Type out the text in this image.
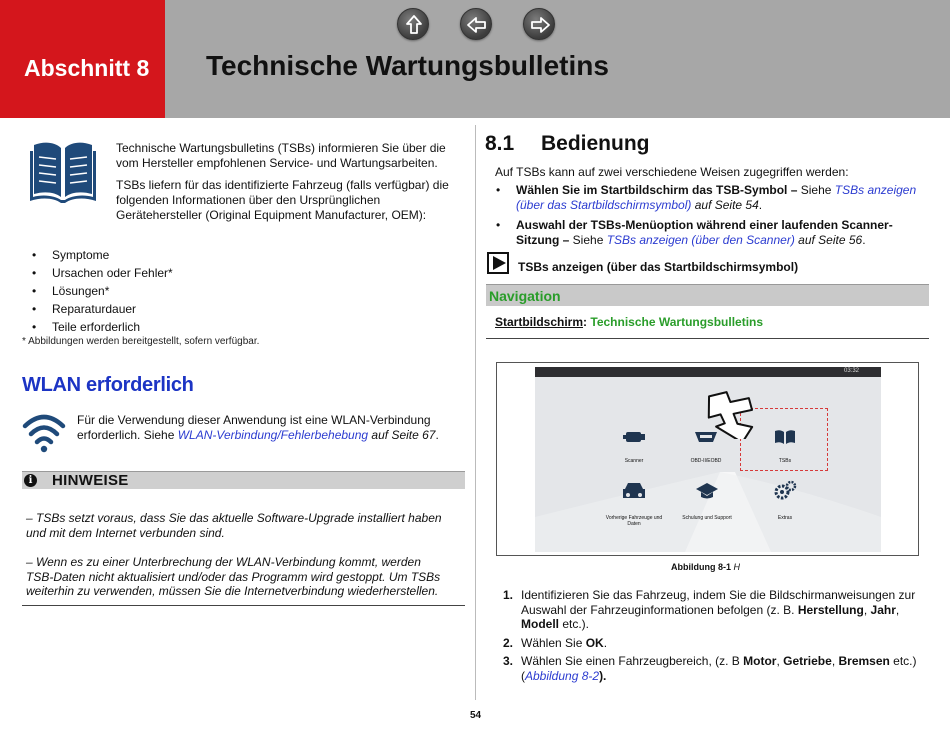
Abschnitt 8 Technische Wartungsbulletins

Technische Wartungsbulletins (TSBs) informieren Sie über die vom Hersteller empfohlenen Service- und Wartungsarbeiten.

TSBs liefern für das identifizierte Fahrzeug (falls verfügbar) die folgenden Informationen über den Ursprünglichen Gerätehersteller (Original Equipment Manufacturer, OEM):

• Symptome
• Ursachen oder Fehler*
• Lösungen*
• Reparaturdauer
• Teile erforderlich
* Abbildungen werden bereitgestellt, sofern verfügbar.
WLAN erforderlich
Für die Verwendung dieser Anwendung ist eine WLAN-Verbindung erforderlich. Siehe WLAN-Verbindung/Fehlerbehebung auf Seite 67.
i	HINWEISE

– TSBs setzt voraus, dass Sie das aktuelle Software-Upgrade installiert haben und mit dem Internet verbunden sind.

– Wenn es zu einer Unterbrechung der WLAN-Verbindung kommt, werden TSB-Daten nicht aktualisiert und/oder das Programm wird gestoppt. Um TSBs weiterhin zu verwenden, müssen Sie die Internetverbindung wiederherstellen.

8.1 Bedienung
Auf TSBs kann auf zwei verschiedene Weisen zugegriffen werden:
• Wählen Sie im Startbildschirm das TSB-Symbol – Siehe TSBs anzeigen (über das Startbildschirmsymbol) auf Seite 54.
• Auswahl der TSBs-Menüoption während einer laufenden Scanner-Sitzung – Siehe TSBs anzeigen (über den Scanner) auf Seite 56.
TSBs anzeigen (über das Startbildschirmsymbol)
Navigation
Startbildschirm: Technische Wartungsbulletins
03:32
Scanner	OBD-II/EOBD	TSBs
Vorherige Fahrzeuge und Daten
Schulung und Support	Extras
Abbildung 8-1 H
1. Identifizieren Sie das Fahrzeug, indem Sie die Bildschirmanweisungen zur Auswahl der Fahrzeuginformationen befolgen (z. B. Herstellung, Jahr, Modell etc.).
2. Wählen Sie OK.
3. Wählen Sie einen Fahrzeugbereich, (z. B Motor, Getriebe, Bremsen etc.) (Abbildung 8-2).
54
